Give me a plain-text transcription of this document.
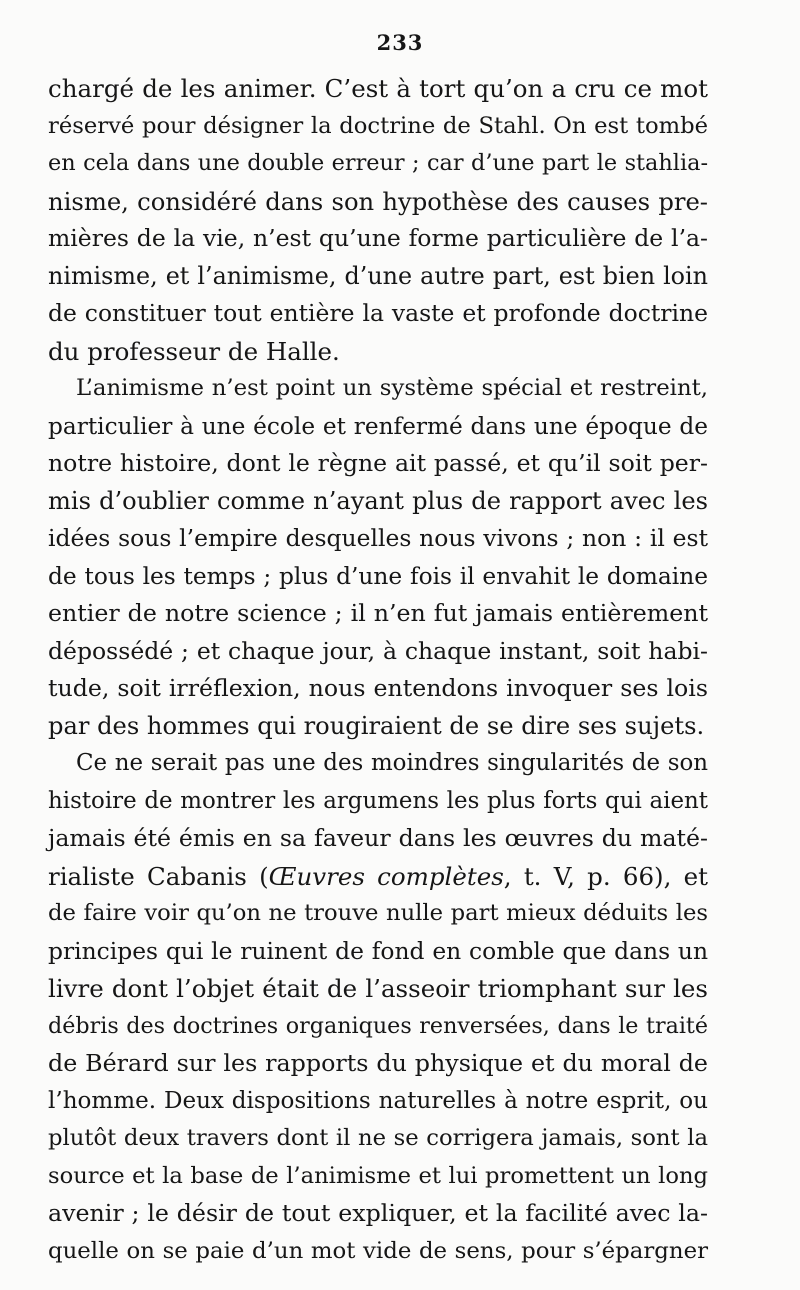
233
chargé de les animer. C’est à tort qu’on a cru ce mot
réservé pour désigner la doctrine de Stahl. On est tombé
en cela dans une double erreur ; car d’une part le stahlia-
nisme, considéré dans son hypothèse des causes pre-
mières de la vie, n’est qu’une forme particulière de l’a-
nimisme, et l’animisme, d’une autre part, est bien loin
de constituer tout entière la vaste et profonde doctrine
du professeur de Halle.
L’animisme n’est point un système spécial et restreint,
particulier à une école et renfermé dans une époque de
notre histoire, dont le règne ait passé, et qu’il soit per-
mis d’oublier comme n’ayant plus de rapport avec les
idées sous l’empire desquelles nous vivons ; non : il est
de tous les temps ; plus d’une fois il envahit le domaine
entier de notre science ; il n’en fut jamais entièrement
dépossédé ; et chaque jour, à chaque instant, soit habi-
tude, soit irréflexion, nous entendons invoquer ses lois
par des hommes qui rougiraient de se dire ses sujets.
Ce ne serait pas une des moindres singularités de son
histoire de montrer les argumens les plus forts qui aient
jamais été émis en sa faveur dans les œuvres du maté-
rialiste Cabanis (Œuvres complètes, t. V, p. 66), et
de faire voir qu’on ne trouve nulle part mieux déduits les
principes qui le ruinent de fond en comble que dans un
livre dont l’objet était de l’asseoir triomphant sur les
débris des doctrines organiques renversées, dans le traité
de Bérard sur les rapports du physique et du moral de
l’homme. Deux dispositions naturelles à notre esprit, ou
plutôt deux travers dont il ne se corrigera jamais, sont la
source et la base de l’animisme et lui promettent un long
avenir ; le désir de tout expliquer, et la facilité avec la-
quelle on se paie d’un mot vide de sens, pour s’épargner
